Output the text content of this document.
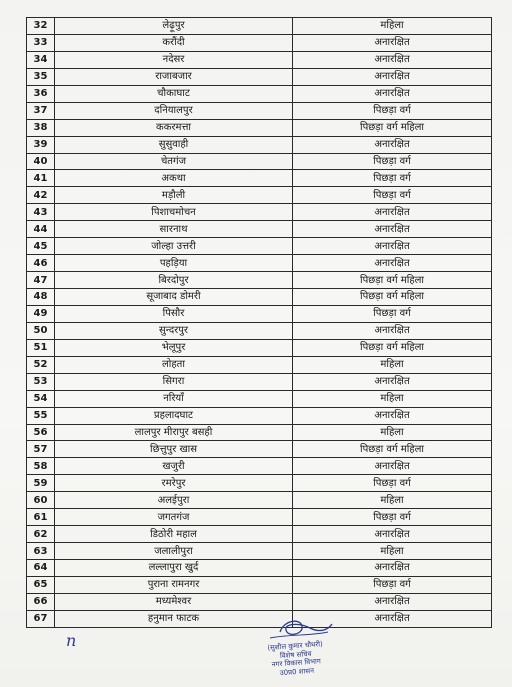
32	लेढ़ूपुर	महिला
33	करौंदी	अनारक्षित
34	नदेसर	अनारक्षित
35	राजाबजार	अनारक्षित
36	चौकाघाट	अनारक्षित
37	दनियालपुर	पिछड़ा वर्ग
38	ककरमत्ता	पिछड़ा वर्ग महिला
39	सुसुवाही	अनारक्षित
40	चेतगंज	पिछड़ा वर्ग
41	अकथा	पिछड़ा वर्ग
42	मड़ौली	पिछड़ा वर्ग
43	पिशाचमोचन	अनारक्षित
44	सारनाथ	अनारक्षित
45	जोल्हा उत्तरी	अनारक्षित
46	पहड़िया	अनारक्षित
47	बिरदोपुर	पिछड़ा वर्ग महिला
48	सूजाबाद डोमरी	पिछड़ा वर्ग महिला
49	पिसौर	पिछड़ा वर्ग
50	सुन्दरपुर	अनारक्षित
51	भेलूपुर	पिछड़ा वर्ग महिला
52	लोहता	महिला
53	सिगरा	अनारक्षित
54	नरियाँ	महिला
55	प्रहलादघाट	अनारक्षित
56	लालपुर मीरापुर बसही	महिला
57	छित्तुपुर खास	पिछड़ा वर्ग महिला
58	खजुरी	अनारक्षित
59	रमरेपुर	पिछड़ा वर्ग
60	अलईपुरा	महिला
61	जगतगंज	पिछड़ा वर्ग
62	डिठोरी महाल	अनारक्षित
63	जलालीपुरा	महिला
64	लल्लापुरा खुर्द	अनारक्षित
65	पुराना रामनगर	पिछड़ा वर्ग
66	मध्यमेश्वर	अनारक्षित
67	हनुमान फाटक	अनारक्षित
n	(सुशील कुमार चौधरी)
विशेष सचिव
नगर विकास विभाग
उ0प्र0 शासन
